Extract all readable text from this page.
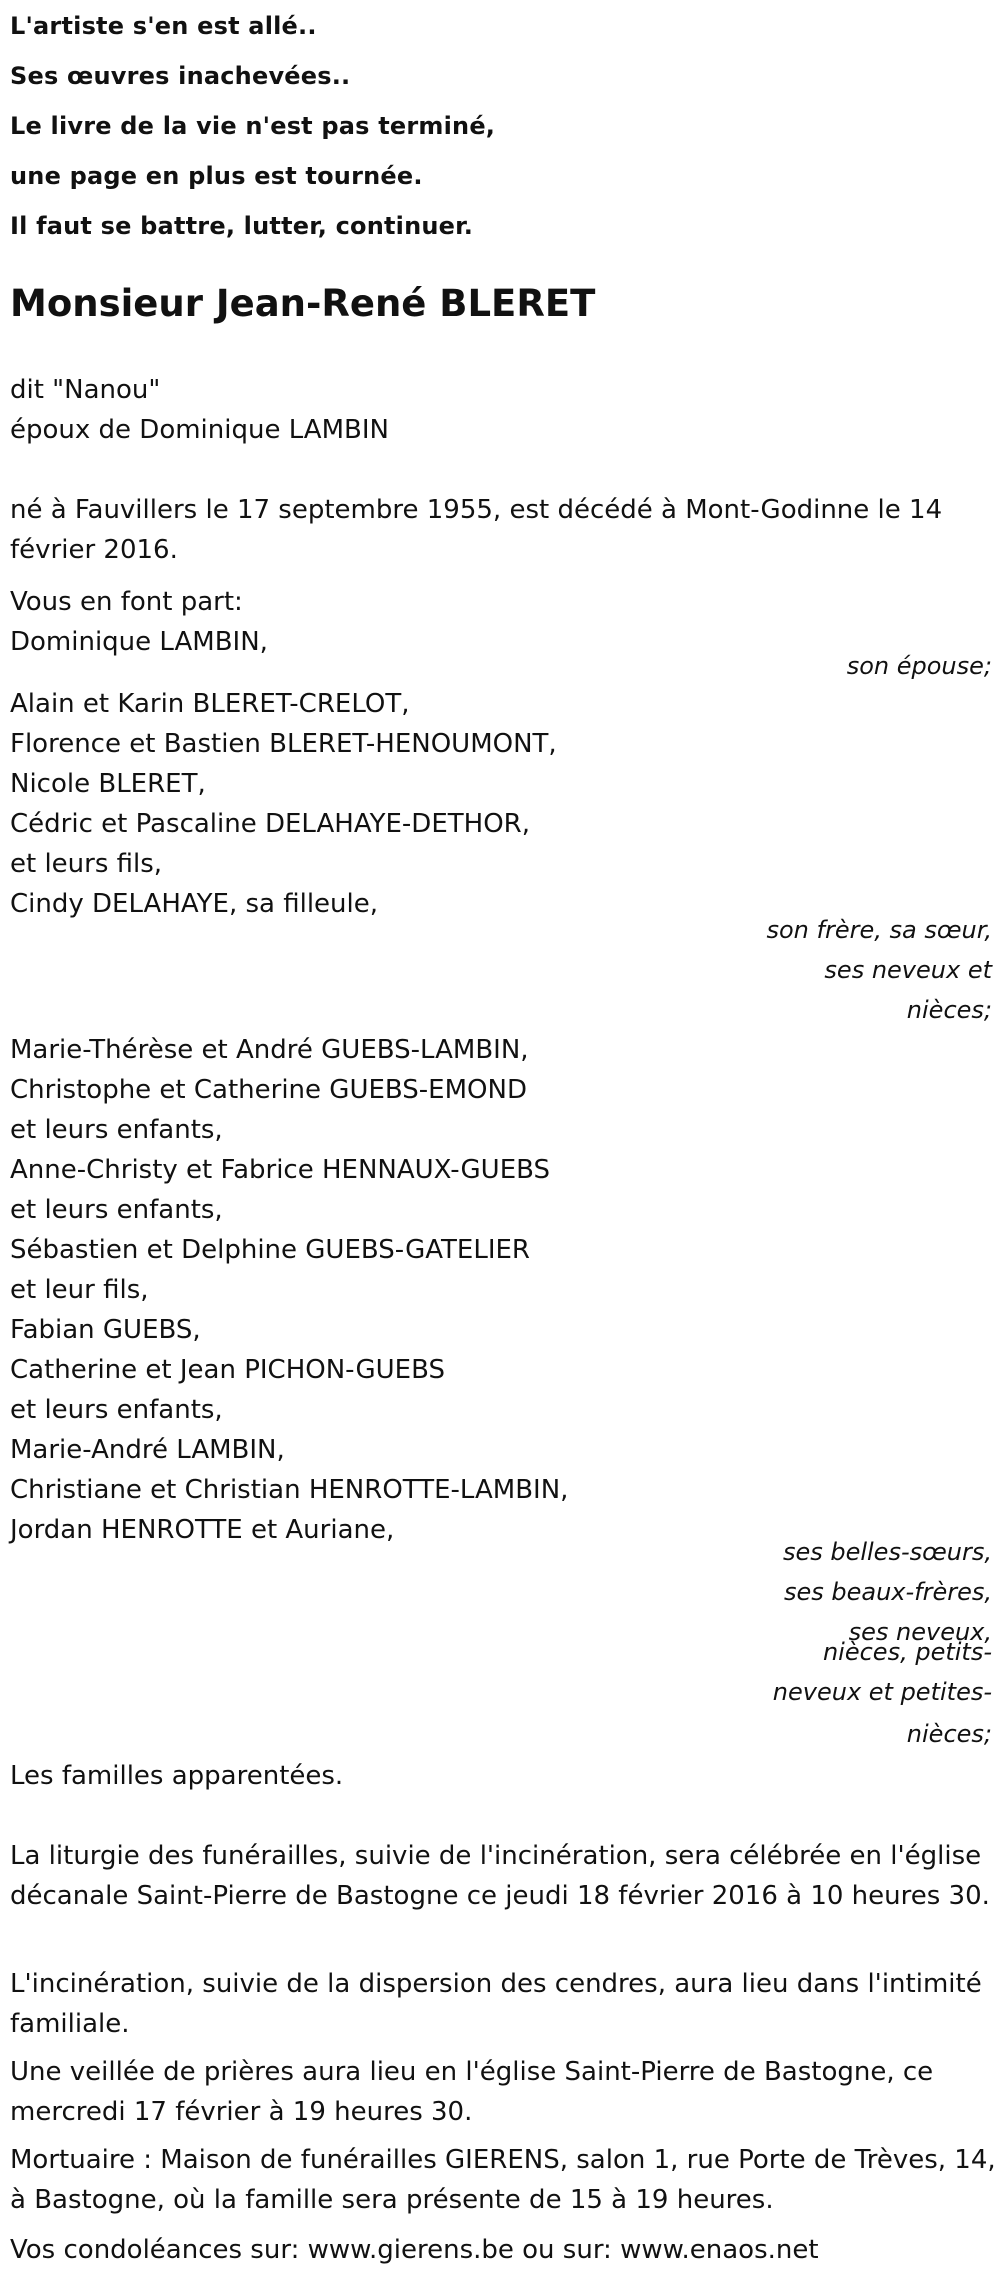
L'artiste s'en est allé..
Ses œuvres inachevées..
Le livre de la vie n'est pas terminé,
une page en plus est tournée.
Il faut se battre, lutter, continuer.
Monsieur Jean-René BLERET
dit "Nanou"
époux de Dominique LAMBIN
né à Fauvillers le 17 septembre 1955, est décédé à Mont-Godinne le 14 février 2016.
Vous en font part:
Dominique LAMBIN,
son épouse;
Alain et Karin BLERET-CRELOT,
Florence et Bastien BLERET-HENOUMONT,
Nicole BLERET,
Cédric et Pascaline DELAHAYE-DETHOR,
et leurs fils,
Cindy DELAHAYE, sa filleule,
son frère, sa sœur,
ses neveux et
nièces;
Marie-Thérèse et André GUEBS-LAMBIN,
Christophe et Catherine GUEBS-EMOND
et leurs enfants,
Anne-Christy et Fabrice HENNAUX-GUEBS
et leurs enfants,
Sébastien et Delphine GUEBS-GATELIER
et leur fils,
Fabian GUEBS,
Catherine et Jean PICHON-GUEBS
et leurs enfants,
Marie-André LAMBIN,
Christiane et Christian HENROTTE-LAMBIN,
Jordan HENROTTE et Auriane,
ses belles-sœurs,
ses beaux-frères,
ses neveux,
nièces, petits-
neveux et petites-
nièces;
Les familles apparentées.
La liturgie des funérailles, suivie de l'incinération, sera célébrée en l'église décanale Saint-Pierre de Bastogne ce jeudi 18 février 2016 à 10 heures 30.
L'incinération, suivie de la dispersion des cendres, aura lieu dans l'intimité familiale.
Une veillée de prières aura lieu en l'église Saint-Pierre de Bastogne, ce mercredi 17 février à 19 heures 30.
Mortuaire : Maison de funérailles GIERENS, salon 1, rue Porte de Trèves, 14, à Bastogne, où la famille sera présente de 15 à 19 heures.
Vos condoléances sur: www.gierens.be ou sur: www.enaos.net
